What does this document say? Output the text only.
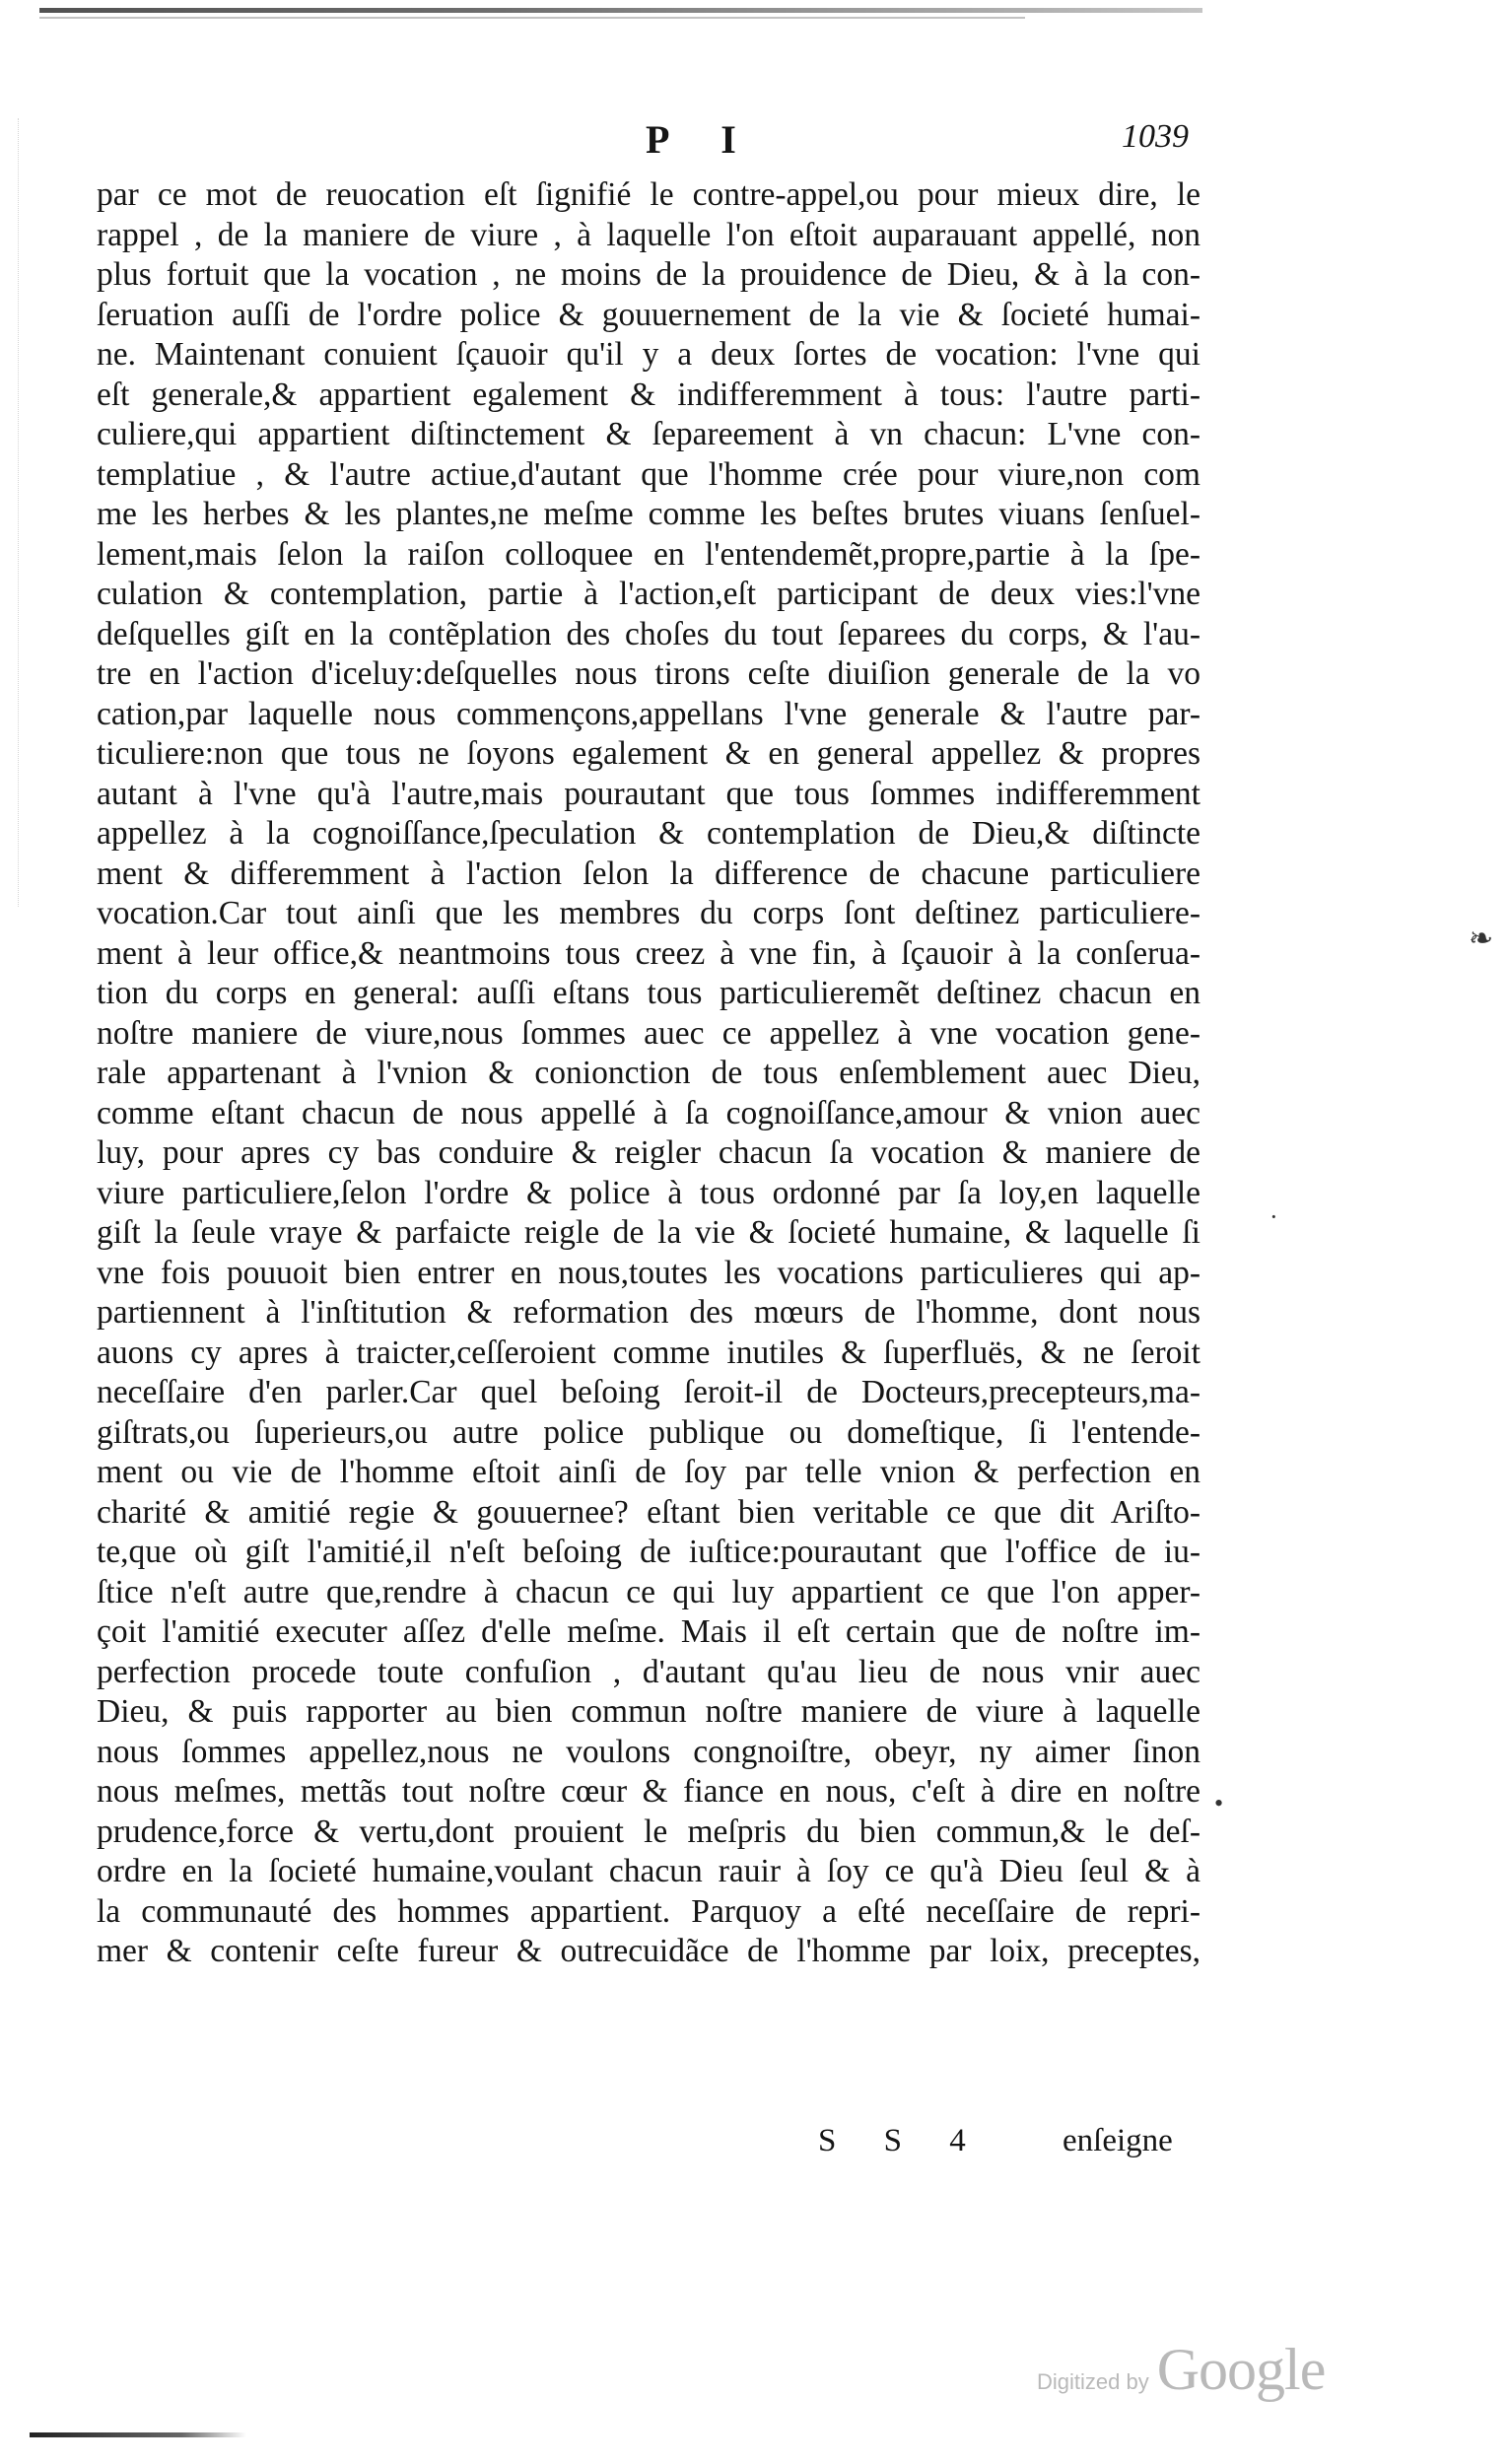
P I	1039
par ce mot de reuocation eſt ſignifié le contre-appel,ou pour mieux dire, le
rappel , de la maniere de viure , à laquelle l'on eſtoit auparauant appellé, non
plus fortuit que la vocation , ne moins de la prouidence de Dieu, & à la con-
ſeruation auſſi de l'ordre police & gouuernement de la vie & ſocieté humai-
ne. Maintenant conuient ſçauoir qu'il y a deux ſortes de vocation: l'vne qui
eſt generale,& appartient egalement & indifferemment à tous: l'autre parti-
culiere,qui appartient diſtinctement & ſepareement à vn chacun: L'vne con-
templatiue , & l'autre actiue,d'autant que l'homme crée pour viure,non com
me les herbes & les plantes,ne meſme comme les beſtes brutes viuans ſenſuel-
lement,mais ſelon la raiſon colloquee en l'entendemẽt,propre,partie à la ſpe-
culation & contemplation, partie à l'action,eſt participant de deux vies:l'vne
deſquelles giſt en la contẽplation des choſes du tout ſeparees du corps, & l'au-
tre en l'action d'iceluy:deſquelles nous tirons ceſte diuiſion generale de la vo
cation,par laquelle nous commençons,appellans l'vne generale & l'autre par-
ticuliere:non que tous ne ſoyons egalement & en general appellez & propres
autant à l'vne qu'à l'autre,mais pourautant que tous ſommes indifferemment
appellez à la cognoiſſance,ſpeculation & contemplation de Dieu,& diſtincte
ment & differemment à l'action ſelon la difference de chacune particuliere
vocation.Car tout ainſi que les membres du corps ſont deſtinez particuliere-
ment à leur office,& neantmoins tous creez à vne fin, à ſçauoir à la conſerua-
tion du corps en general: auſſi eſtans tous particulieremẽt deſtinez chacun en
noſtre maniere de viure,nous ſommes auec ce appellez à vne vocation gene-
rale appartenant à l'vnion & conionction de tous enſemblement auec Dieu,
comme eſtant chacun de nous appellé à ſa cognoiſſance,amour & vnion auec
luy, pour apres cy bas conduire & reigler chacun ſa vocation & maniere de
viure particuliere,ſelon l'ordre & police à tous ordonné par ſa loy,en laquelle
giſt la ſeule vraye & parfaicte reigle de la vie & ſocieté humaine, & laquelle ſi
vne fois pouuoit bien entrer en nous,toutes les vocations particulieres qui ap-
partiennent à l'inſtitution & reformation des mœurs de l'homme, dont nous
auons cy apres à traicter,ceſſeroient comme inutiles & ſuperfluës, & ne ſeroit
neceſſaire d'en parler.Car quel beſoing ſeroit-il de Docteurs,precepteurs,ma-
giſtrats,ou ſuperieurs,ou autre police publique ou domeſtique, ſi l'entende-
ment ou vie de l'homme eſtoit ainſi de ſoy par telle vnion & perfection en
charité & amitié regie & gouuernee? eſtant bien veritable ce que dit Ariſto-
te,que où giſt l'amitié,il n'eſt beſoing de iuſtice:pourautant que l'office de iu-
ſtice n'eſt autre que,rendre à chacun ce qui luy appartient ce que l'on apper-
çoit l'amitié executer aſſez d'elle meſme. Mais il eſt certain que de noſtre im-
perfection procede toute confuſion , d'autant qu'au lieu de nous vnir auec
Dieu, & puis rapporter au bien commun noſtre maniere de viure à laquelle
nous ſommes appellez,nous ne voulons congnoiſtre, obeyr, ny aimer ſinon
nous meſmes, mettãs tout noſtre cœur & fiance en nous, c'eſt à dire en noſtre
prudence,force & vertu,dont prouient le meſpris du bien commun,& le deſ-
ordre en la ſocieté humaine,voulant chacun rauir à ſoy ce qu'à Dieu ſeul & à
la communauté des hommes appartient. Parquoy a eſté neceſſaire de repri-
mer & contenir ceſte fureur & outrecuidãce de l'homme par loix, preceptes,
S S 4 enſeigne
❧
•
·
Digitized by Google
